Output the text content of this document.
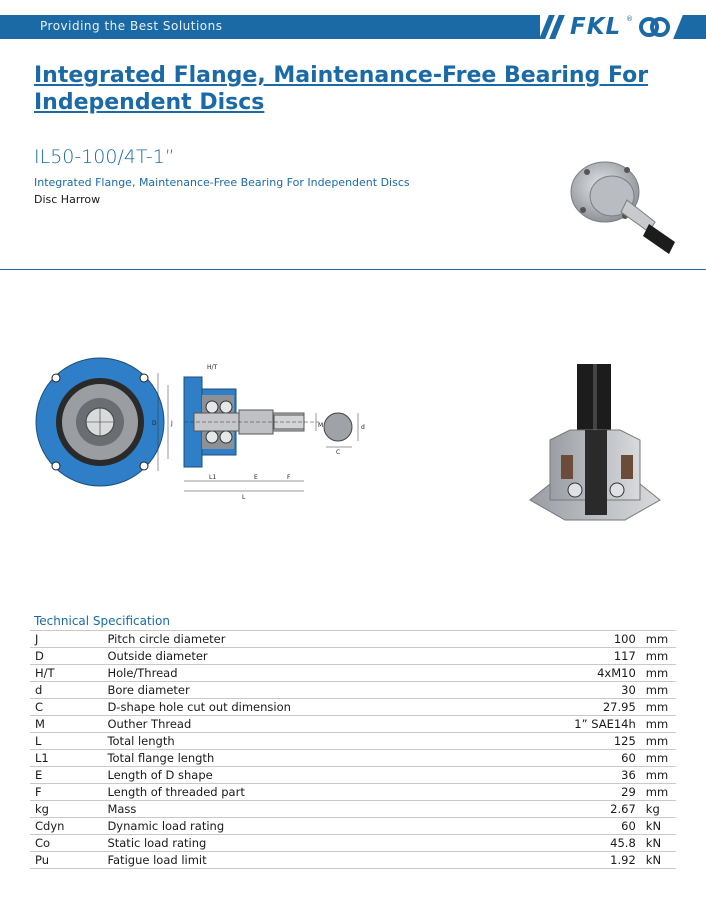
Providing the Best Solutions	FKL ®
Integrated Flange, Maintenance-Free Bearing For Independent Discs
IL50-100/4T-1”
Integrated Flange, Maintenance-Free Bearing For Independent Discs
Disc Harrow
H/T
D J	M	d
C
L1	E	F
L
Technical Specification
J	Pitch circle diameter	100	mm
D	Outside diameter	117	mm
H/T	Hole/Thread	4xM10	mm
d	Bore diameter	30	mm
C	D-shape hole cut out dimension	27.95	mm
M	Outher Thread	1” SAE14h	mm
L	Total length	125	mm
L1	Total flange length	60	mm
E	Length of D shape	36	mm
F	Length of threaded part	29	mm
kg	Mass	2.67	kg
Cdyn	Dynamic load rating	60	kN
Co	Static load rating	45.8	kN
Pu	Fatigue load limit	1.92	kN
